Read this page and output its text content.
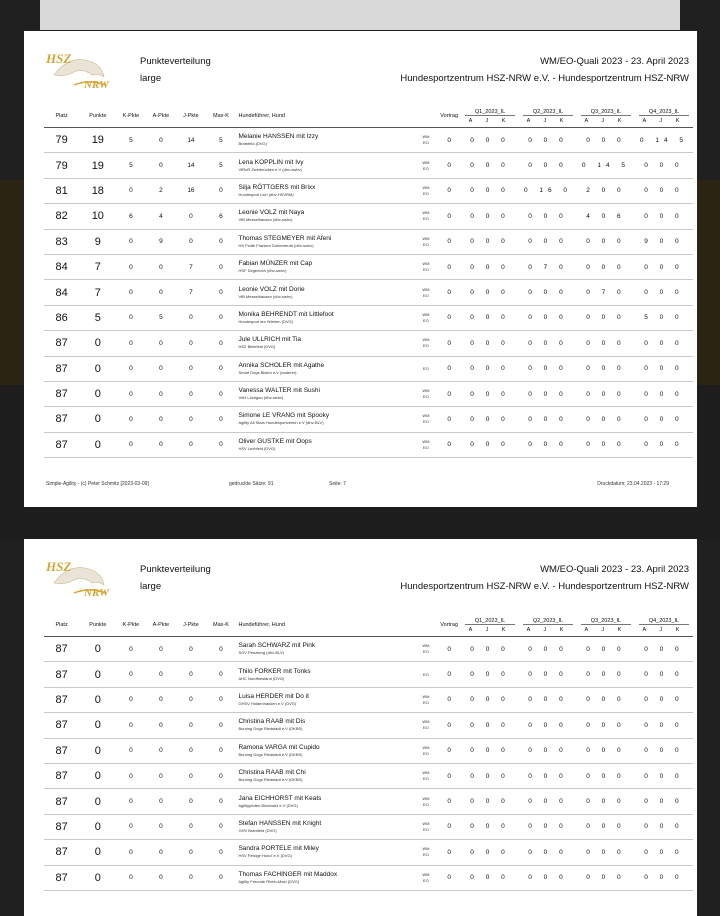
HSZ
NRW
Punkteverteilung
large
WM/EO-Quali 2023 - 23. April 2023
Hundesportzentrum HSZ-NRW e.V. - Hundesportzentrum HSZ-NRW
Platz	Punkte	K-Pkte	A-Pkte	J-Pkte	Max-K	Hundeführer, Hund		Vortrag	Q1_2023_IL
A J K	Q2_2023_IL
A J K	Q3_2023_IL
A J K	Q4_2023_IL
A J K

79	19	5	0	14	5	Melanie HANSSEN mit Izzy
Bramfeld (DVG)	WM
EO	0	0 0 0	0 0 0	0 0 0	0 14 5
79	19	5	0	14	5	Lena KOPPLIN mit Ivy
VfRuR Zweibrücken e.V (dhv-swhv)	WM
EO	0	0 0 0	0 0 0	0 14 5	0 0 0
81	18	0	2	16	0	Silja RÖTTGERS mit Brixx
Hundesport Lich (dhv-HSVRM)	WM
EO	0	0 0 0	0 16 0	2 0 0	0 0 0
82	10	6	4	0	6	Leonie VOLZ mit Naya
VfB Messelhausen (dhv-swhv)	WM
EO	0	0 0 0	0 0 0	4 0 6	0 0 0
83	9	0	9	0	0	Thomas STEGMEYER mit Afeni
HS Flotte Franken Dobenreuth (dhv-swhv)	WM
EO	0	0 0 0	0 0 0	0 0 0	9 0 0
84	7	0	0	7	0	Fabian MÜNZER mit Cap
HSF Degerloch (dhv-swhv)	WM
EO	0	0 0 0	0 7 0	0 0 0	0 0 0
84	7	0	0	7	0	Leonie VOLZ mit Dorie
VfB Messelhausen (dhv-swhv)	WM
EO	0	0 0 0	0 0 0	0 7 0	0 0 0
86	5	0	5	0	0	Monika BEHRENDT mit Littlefoot
Hundesport am Wiehen (DVG)	WM
EO	0	0 0 0	0 0 0	0 0 0	5 0 0
87	0	0	0	0	0	Jule ULLRICH mit Tia
HSZ Bielefeld (DVG)	WM
EO	0	0 0 0	0 0 0	0 0 0	0 0 0
87	0	0	0	0	0	Annika SCHOLER mit Agathe
Smart Dogs Bisten e.V (anderer)	EO	0	0 0 0	0 0 0	0 0 0	0 0 0
87	0	0	0	0	0	Vanessa WALTER mit Sushi
VdH Löchgau (dhv-swhv)	WM
EO	0	0 0 0	0 0 0	0 0 0	0 0 0
87	0	0	0	0	0	Simone LE VRANG mit Spooky
Agility All Stars Hundesportverein e.V (dhv-BLV)	WM
EO	0	0 0 0	0 0 0	0 0 0	0 0 0
87	0	0	0	0	0	Oliver GUSTKE mit Oops
HSV Lechfeld (DVG)	WM
EO	0	0 0 0	0 0 0	0 0 0	0 0 0
Simple-Agility - (c) Peter Schmitz [2023-03-09]	gedruckte Sätze: 91	Seite: 7	Druckdatum: 23.04.2023 - 17:29
HSZ
NRW
Punkteverteilung
large
WM/EO-Quali 2023 - 23. April 2023
Hundesportzentrum HSZ-NRW e.V. - Hundesportzentrum HSZ-NRW
Platz	Punkte	K-Pkte	A-Pkte	J-Pkte	Max-K	Hundeführer, Hund		Vortrag	Q1_2023_IL
A J K	Q2_2023_IL
A J K	Q3_2023_IL
A J K	Q4_2023_IL
A J K

87	0	0	0	0	0	Sarah SCHWARZ mit Pink
SGV Penzberg (dhv-BLV)	WM
EO	0	0 0 0	0 0 0	0 0 0	0 0 0
87	0	0	0	0	0	Thilo FORKER mit Tonks
AHC Nordfriesland (DVG)	EO	0	0 0 0	0 0 0	0 0 0	0 0 0
87	0	0	0	0	0	Luisa HERDER mit Do it
GHSV Hiddenhausen e.V (DVG)	WM
EO	0	0 0 0	0 0 0	0 0 0	0 0 0
87	0	0	0	0	0	Christina RAAB mit Dis
Burning Dogs Riedstadt e.V (DKBS)	WM
EO	0	0 0 0	0 0 0	0 0 0	0 0 0
87	0	0	0	0	0	Ramona VARGA mit Cupido
Burning Dogs Riedstadt e.V (DKBS)	WM
EO	0	0 0 0	0 0 0	0 0 0	0 0 0
87	0	0	0	0	0	Christina RAAB mit Chi
Burning Dogs Riedstadt e.V (DKBS)	WM
EO	0	0 0 0	0 0 0	0 0 0	0 0 0
87	0	0	0	0	0	Jana EICHHORST mit Keats
Agilitypfoten Blochwitz e.V (DVG)	WM
EO	0	0 0 0	0 0 0	0 0 0	0 0 0
87	0	0	0	0	0	Stefan HANSSEN mit Knight
GHV Bramfeld (DVG)	WM
EO	0	0 0 0	0 0 0	0 0 0	0 0 0
87	0	0	0	0	0	Sandra PORTELE mit Miley
HSV Fetzige Hund' e.V (DVG)	WM
EO	0	0 0 0	0 0 0	0 0 0	0 0 0
87	0	0	0	0	0	Thomas FACHINGER mit Maddox
Agility Freunde Rhein-Main (DVG)	WM
EO	0	0 0 0	0 0 0	0 0 0	0 0 0
